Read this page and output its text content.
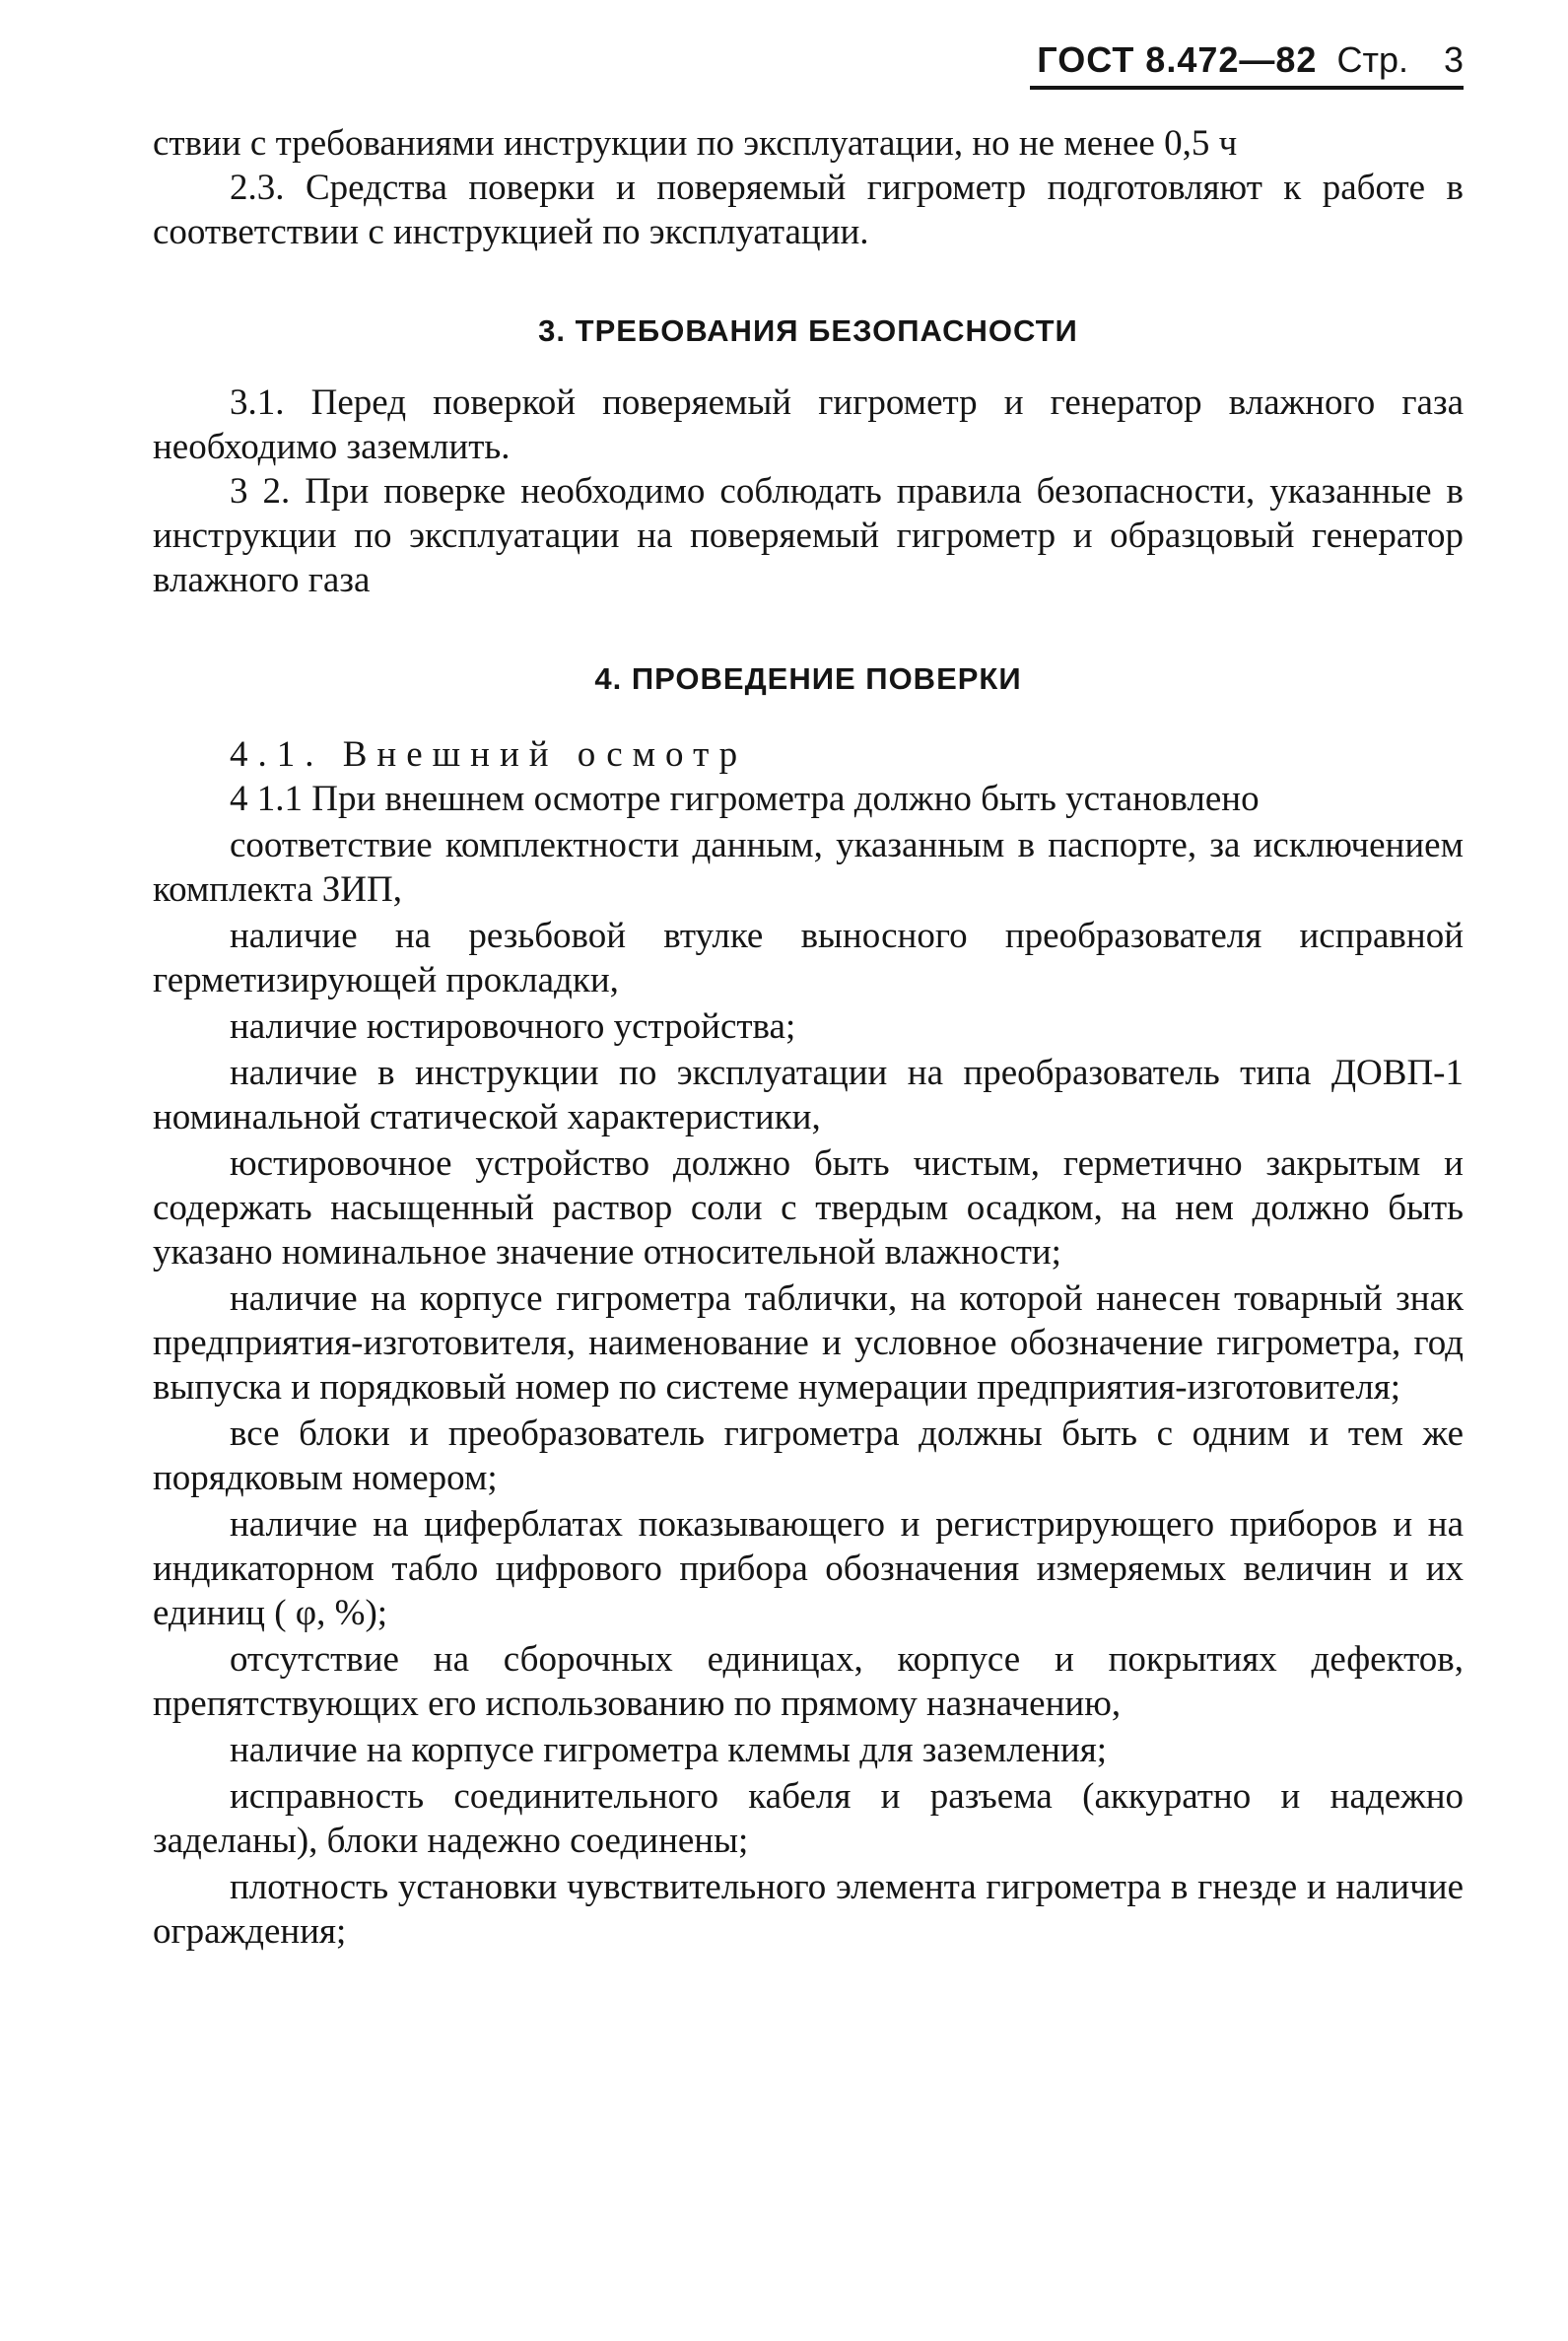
ГОСТ 8.472—82 Стр. 3

ствии с требованиями инструкции по эксплуатации, но не менее 0,5 ч

2.3. Средства поверки и поверяемый гигрометр подготовляют к работе в соответствии с инструкцией по эксплуатации.

3. ТРЕБОВАНИЯ БЕЗОПАСНОСТИ

3.1. Перед поверкой поверяемый гигрометр и генератор влажного газа необходимо заземлить.

3 2. При поверке необходимо соблюдать правила безопасности, указанные в инструкции по эксплуатации на поверяемый гигрометр и образцовый генератор влажного газа

4. ПРОВЕДЕНИЕ ПОВЕРКИ

4.1. Внешний осмотр

4 1.1 При внешнем осмотре гигрометра должно быть установлено

соответствие комплектности данным, указанным в паспорте, за исключением комплекта ЗИП,

наличие на резьбовой втулке выносного преобразователя исправной герметизирующей прокладки,

наличие юстировочного устройства;

наличие в инструкции по эксплуатации на преобразователь типа ДОВП-1 номинальной статической характеристики,

юстировочное устройство должно быть чистым, герметично закрытым и содержать насыщенный раствор соли с твердым осадком, на нем должно быть указано номинальное значение относительной влажности;

наличие на корпусе гигрометра таблички, на которой нанесен товарный знак предприятия-изготовителя, наименование и условное обозначение гигрометра, год выпуска и порядковый номер по системе нумерации предприятия-изготовителя;

все блоки и преобразователь гигрометра должны быть с одним и тем же порядковым номером;

наличие на циферблатах показывающего и регистрирующего приборов и на индикаторном табло цифрового прибора обозначения измеряемых величин и их единиц ( φ, %);

отсутствие на сборочных единицах, корпусе и покрытиях дефектов, препятствующих его использованию по прямому назначению,

наличие на корпусе гигрометра клеммы для заземления;

исправность соединительного кабеля и разъема (аккуратно и надежно заделаны), блоки надежно соединены;

плотность установки чувствительного элемента гигрометра в гнезде и наличие ограждения;
